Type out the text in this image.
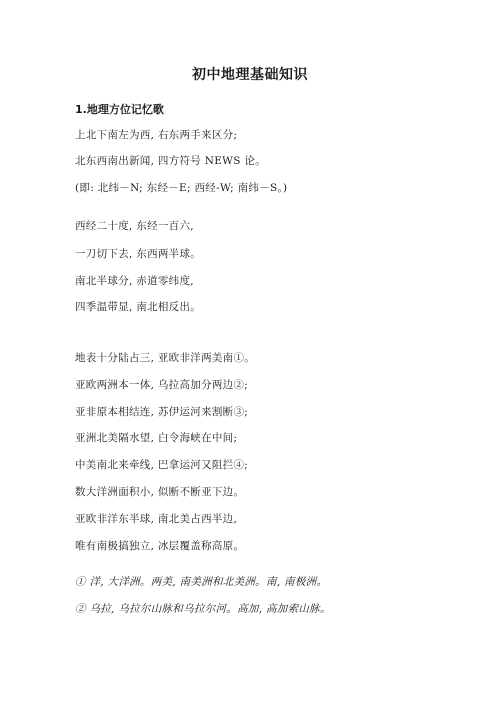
初中地理基础知识
1.地理方位记忆歌
上北下南左为西, 右东两手来区分;
北东西南出新闻, 四方符号 NEWS 论。
(即: 北纬－N; 东经－E; 西经-W; 南纬－S。)
西经二十度, 东经一百六,
一刀切下去, 东西两半球。
南北半球分, 赤道零纬度,
四季温带显, 南北相反出。
地表十分陆占三, 亚欧非洋两美南①。
亚欧两洲本一体, 乌拉高加分两边②;
亚非原本相结连, 苏伊运河来割断③;
亚洲北美隔水望, 白令海峡在中间;
中美南北来牵线, 巴拿运河又阻拦④;
数大洋洲面积小, 似断不断亚下边。
亚欧非洋东半球, 南北美占西半边,
唯有南极搞独立, 冰层覆盖称高原。
① 洋, 大洋洲。两美, 南美洲和北美洲。南, 南极洲。
② 乌拉, 乌拉尔山脉和乌拉尔河。高加, 高加索山脉。
